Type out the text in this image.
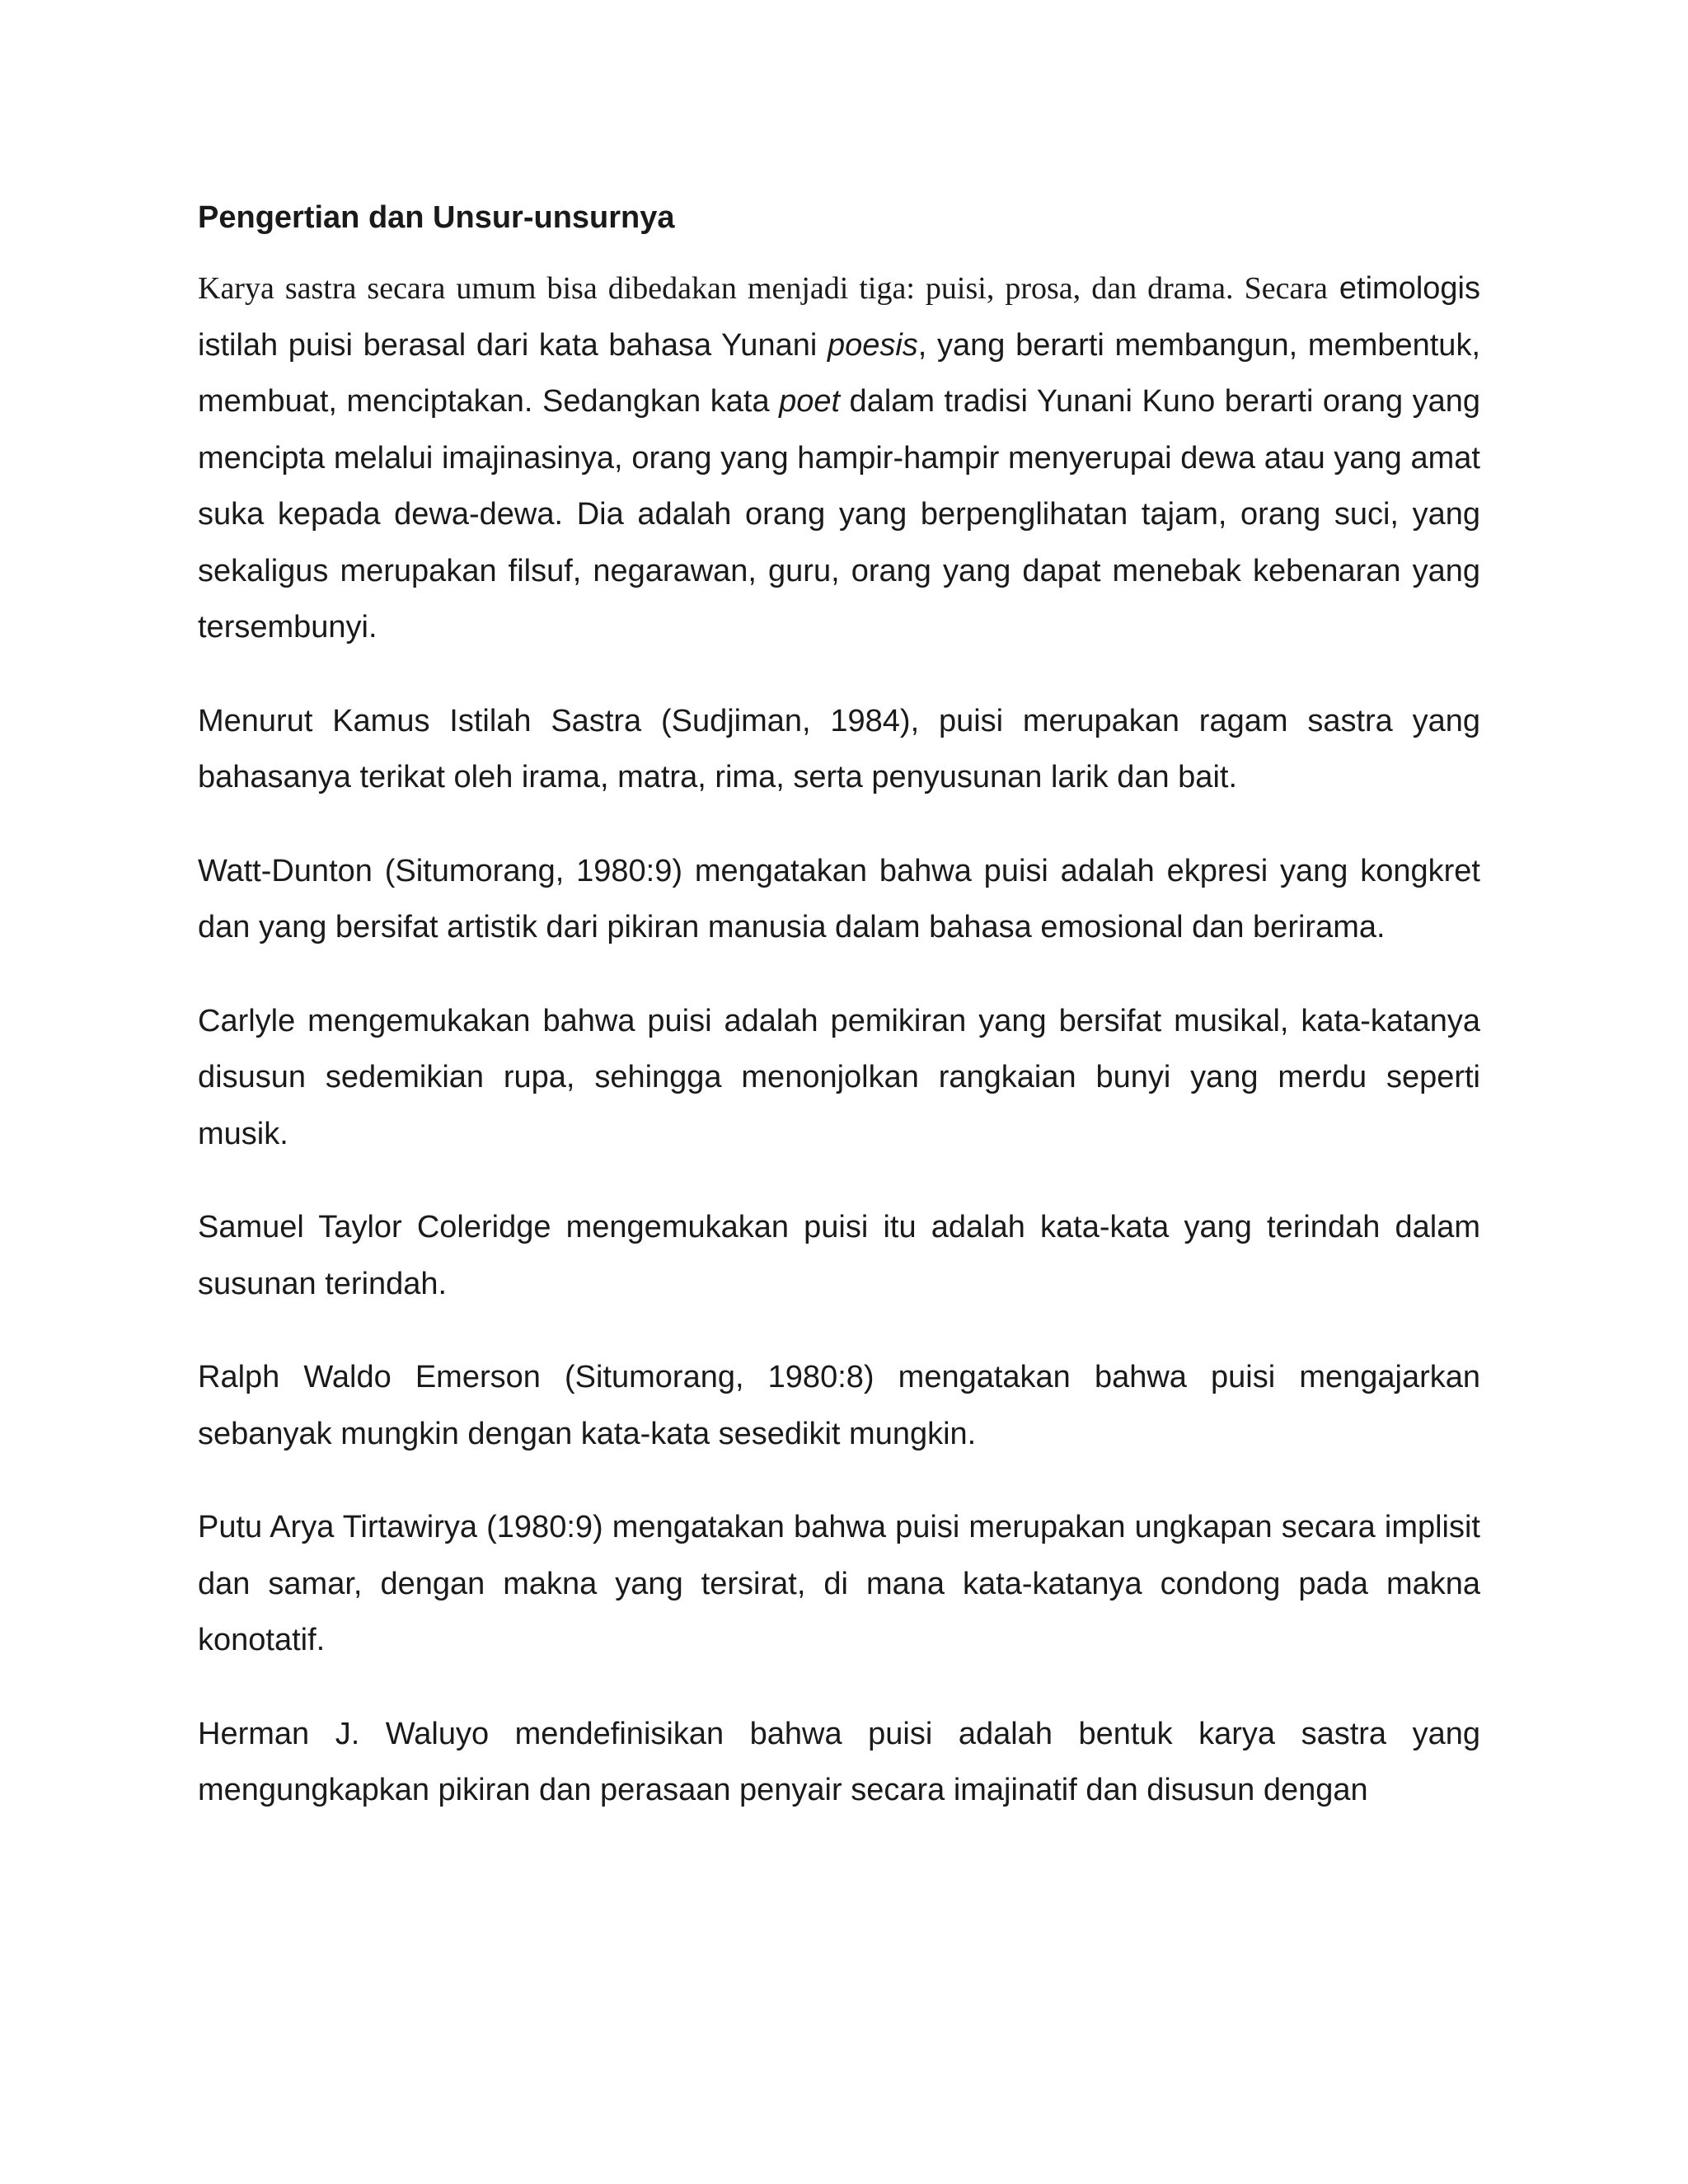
Pengertian dan Unsur-unsurnya

Karya sastra secara umum bisa dibedakan menjadi tiga: puisi, prosa, dan drama. Secara etimologis istilah puisi berasal dari kata bahasa Yunani poesis, yang berarti membangun, membentuk, membuat, menciptakan. Sedangkan kata poet dalam tradisi Yunani Kuno berarti orang yang mencipta melalui imajinasinya, orang yang hampir-hampir menyerupai dewa atau yang amat suka kepada dewa-dewa. Dia adalah orang yang berpenglihatan tajam, orang suci, yang sekaligus merupakan filsuf, negarawan, guru, orang yang dapat menebak kebenaran yang tersembunyi.

Menurut Kamus Istilah Sastra (Sudjiman, 1984), puisi merupakan ragam sastra yang bahasanya terikat oleh irama, matra, rima, serta penyusunan larik dan bait.

Watt-Dunton (Situmorang, 1980:9) mengatakan bahwa puisi adalah ekpresi yang kongkret dan yang bersifat artistik dari pikiran manusia dalam bahasa emosional dan berirama.

Carlyle mengemukakan bahwa puisi adalah pemikiran yang bersifat musikal, kata-katanya disusun sedemikian rupa, sehingga menonjolkan rangkaian bunyi yang merdu seperti musik.

Samuel Taylor Coleridge mengemukakan puisi itu adalah kata-kata yang terindah dalam susunan terindah.

Ralph Waldo Emerson (Situmorang, 1980:8) mengatakan bahwa puisi mengajarkan sebanyak mungkin dengan kata-kata sesedikit mungkin.

Putu Arya Tirtawirya (1980:9) mengatakan bahwa puisi merupakan ungkapan secara implisit dan samar, dengan makna yang tersirat, di mana kata-katanya condong pada makna konotatif.

Herman J. Waluyo mendefinisikan bahwa puisi adalah bentuk karya sastra yang mengungkapkan pikiran dan perasaan penyair secara imajinatif dan disusun dengan
